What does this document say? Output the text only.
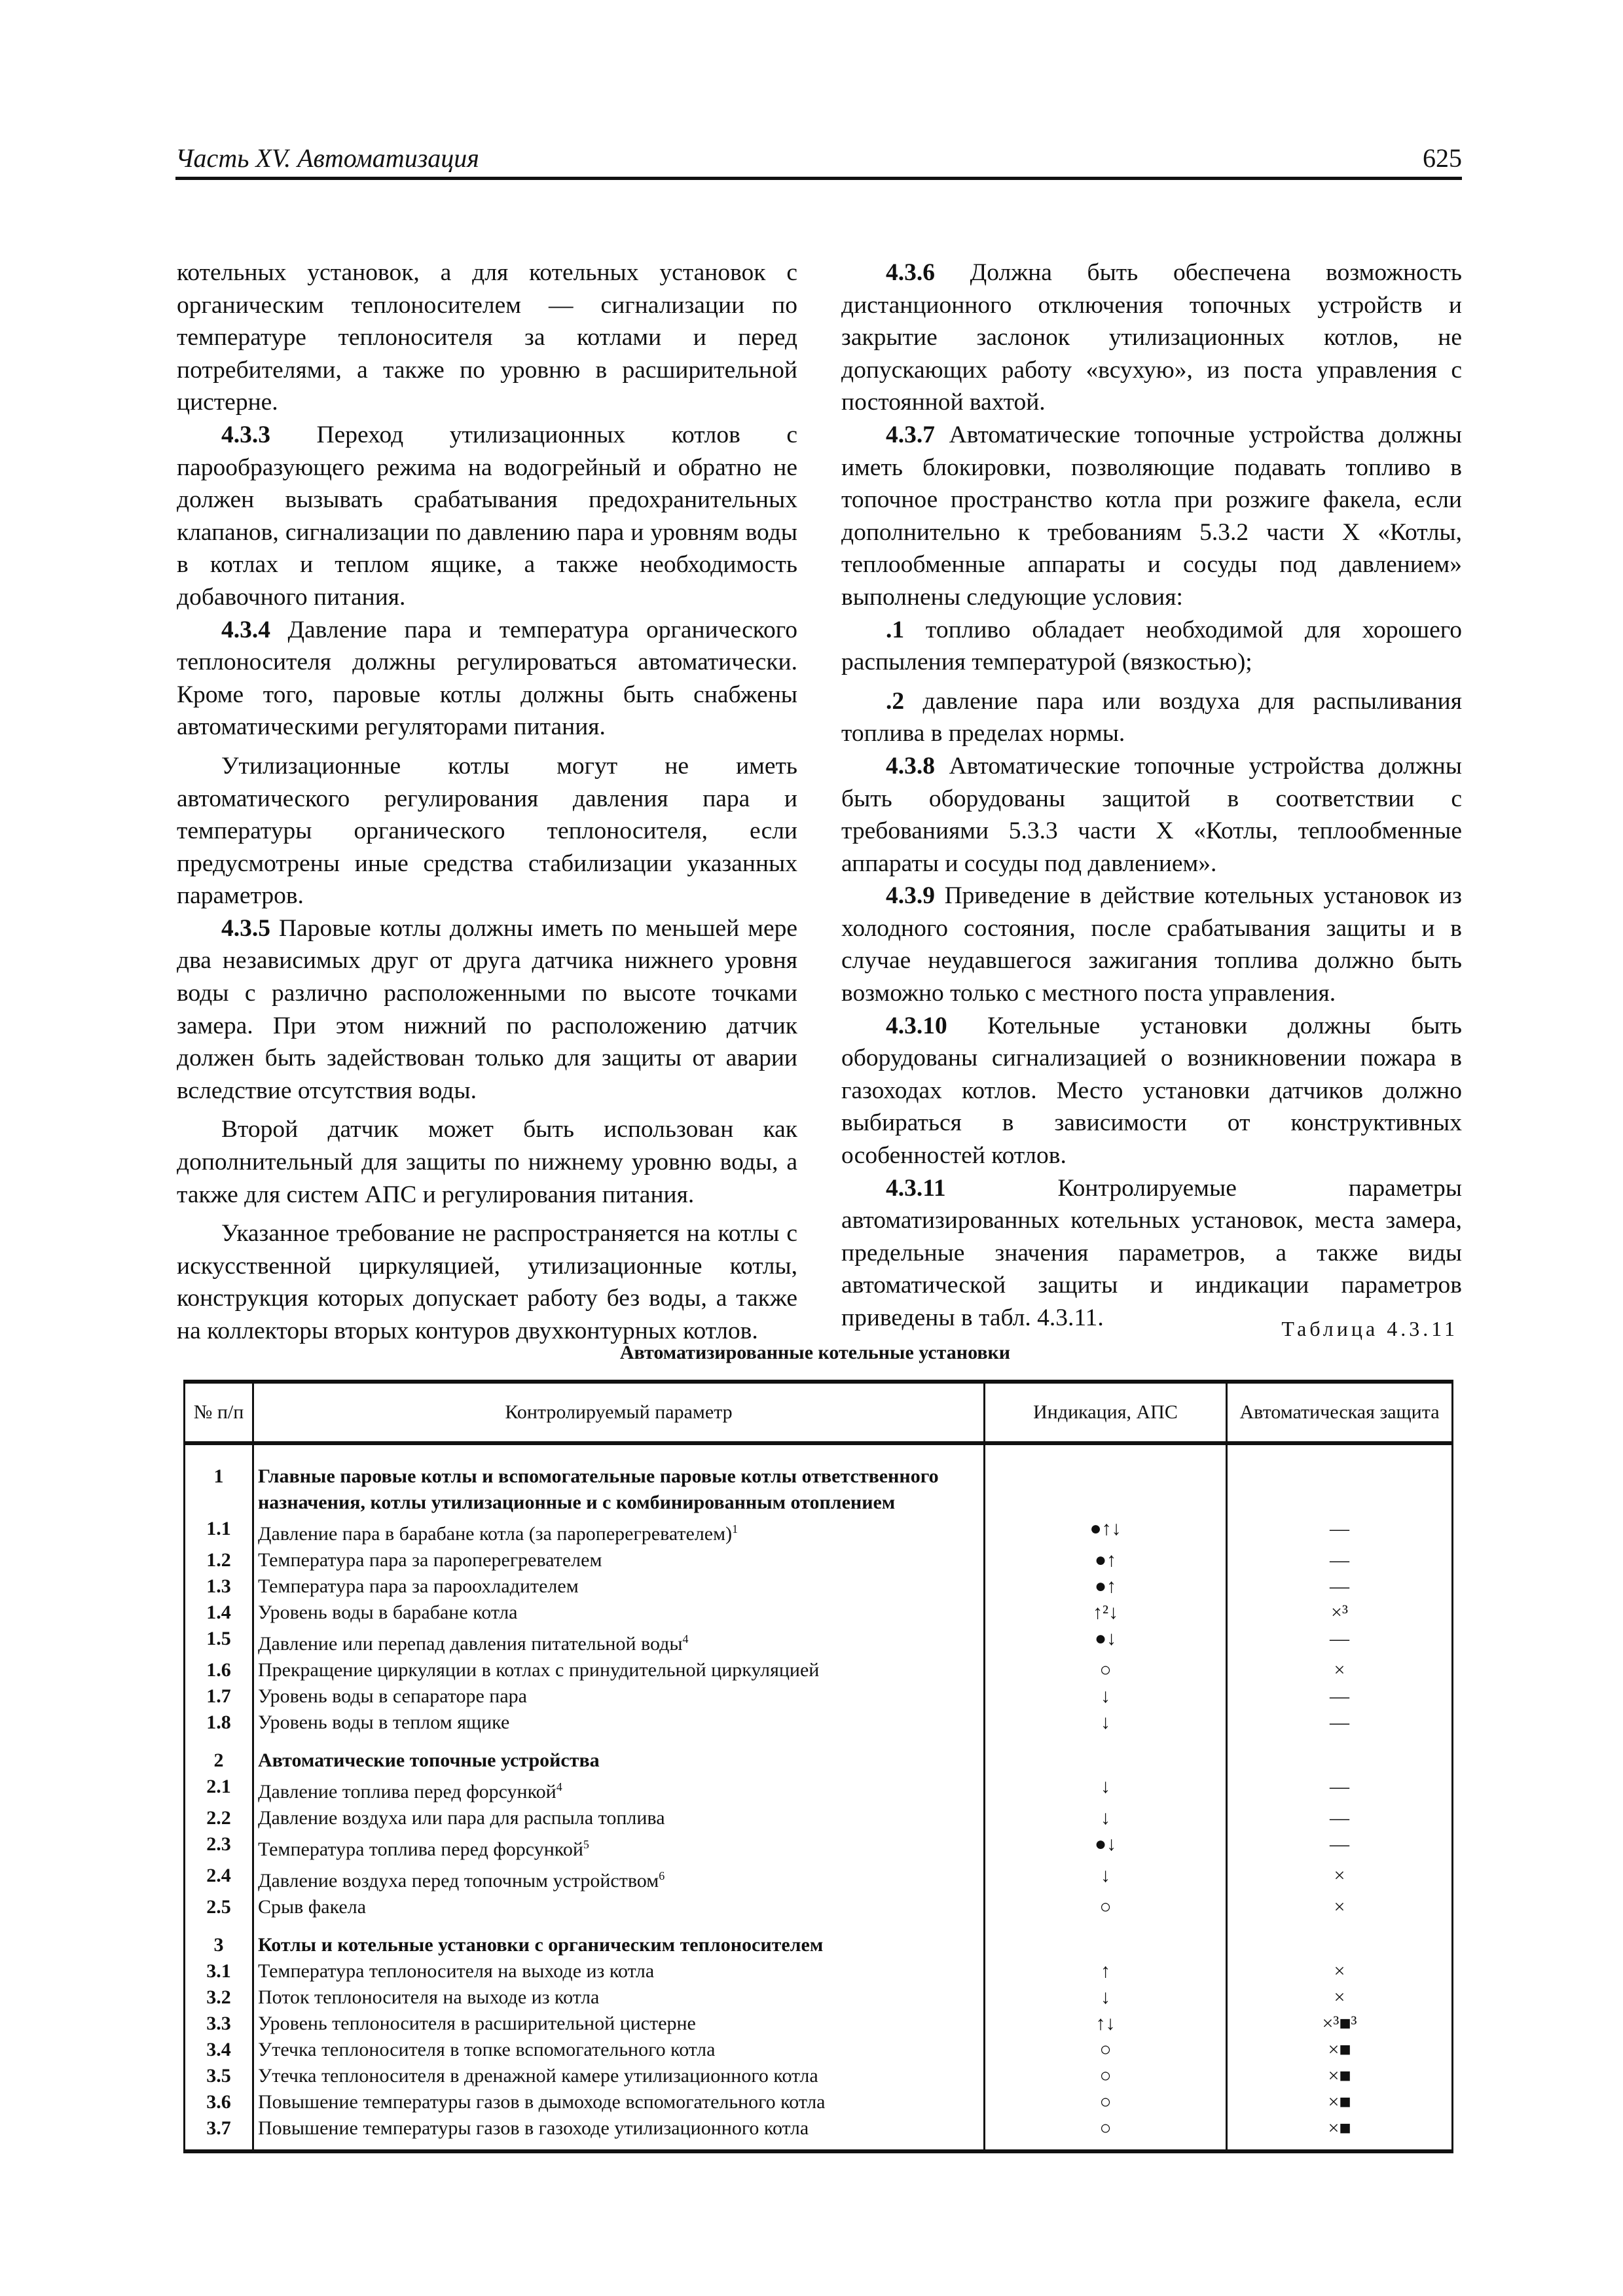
Часть XV. Автоматизация	625

котельных установок, а для котельных установок с органическим теплоносителем — сигнализации по температуре теплоносителя за котлами и перед потребителями, а также по уровню в расширительной цистерне.

4.3.3 Переход утилизационных котлов с парообразующего режима на водогрейный и обратно не должен вызывать срабатывания предохранительных клапанов, сигнализации по давлению пара и уровням воды в котлах и теплом ящике, а также необходимость добавочного питания.

4.3.4 Давление пара и температура органического теплоносителя должны регулироваться автоматически. Кроме того, паровые котлы должны быть снабжены автоматическими регуляторами питания.

Утилизационные котлы могут не иметь автоматического регулирования давления пара и температуры органического теплоносителя, если предусмотрены иные средства стабилизации указанных параметров.

4.3.5 Паровые котлы должны иметь по меньшей мере два независимых друг от друга датчика нижнего уровня воды с различно расположенными по высоте точками замера. При этом нижний по расположению датчик должен быть задействован только для защиты от аварии вследствие отсутствия воды.

Второй датчик может быть использован как дополнительный для защиты по нижнему уровню воды, а также для систем АПС и регулирования питания.

Указанное требование не распространяется на котлы с искусственной циркуляцией, утилизационные котлы, конструкция которых допускает работу без воды, а также на коллекторы вторых контуров двухконтурных котлов.

4.3.6 Должна быть обеспечена возможность дистанционного отключения топочных устройств и закрытие заслонок утилизационных котлов, не допускающих работу «всухую», из поста управления с постоянной вахтой.

4.3.7 Автоматические топочные устройства должны иметь блокировки, позволяющие подавать топливо в топочное пространство котла при розжиге факела, если дополнительно к требованиям 5.3.2 части X «Котлы, теплообменные аппараты и сосуды под давлением» выполнены следующие условия:

.1 топливо обладает необходимой для хорошего распыления температурой (вязкостью);

.2 давление пара или воздуха для распыливания топлива в пределах нормы.

4.3.8 Автоматические топочные устройства должны быть оборудованы защитой в соответствии с требованиями 5.3.3 части X «Котлы, теплообменные аппараты и сосуды под давлением».

4.3.9 Приведение в действие котельных установок из холодного состояния, после срабатывания защиты и в случае неудавшегося зажигания топлива должно быть возможно только с местного поста управления.

4.3.10 Котельные установки должны быть оборудованы сигнализацией о возникновении пожара в газоходах котлов. Место установки датчиков должно выбираться в зависимости от конструктивных особенностей котлов.

4.3.11 Контролируемые параметры автоматизированных котельных установок, места замера, предельные значения параметров, а также виды автоматической защиты и индикации параметров приведены в табл. 4.3.11.	Таблица 4.3.11
Автоматизированные котельные установки
№ п/п	Контролируемый параметр	Индикация, АПС	Автоматическая защита
1	Главные паровые котлы и вспомогательные паровые котлы ответственного назначения, котлы утилизационные и с комбинированным отоплением		
1.1	Давление пара в барабане котла (за пароперегревателем)$^1$	●↑↓	—
1.2	Температура пара за пароперегревателем	●↑	—
1.3	Температура пара за пароохладителем	●↑	—
1.4	Уровень воды в барабане котла	↑²↓	×³
1.5	Давление или перепад давления питательной воды$^4$	●↓	—
1.6	Прекращение циркуляции в котлах с принудительной циркуляцией	○	×
1.7	Уровень воды в сепараторе пара	↓	—
1.8	Уровень воды в теплом ящике	↓	—
2	Автоматические топочные устройства		
2.1	Давление топлива перед форсункой$^4$	↓	—
2.2	Давление воздуха или пара для распыла топлива	↓	—
2.3	Температура топлива перед форсункой$^5$	●↓	—
2.4	Давление воздуха перед топочным устройством$^6$	↓	×
2.5	Срыв факела	○	×
3	Котлы и котельные установки с органическим теплоносителем		
3.1	Температура теплоносителя на выходе из котла	↑	×
3.2	Поток теплоносителя на выходе из котла	↓	×
3.3	Уровень теплоносителя в расширительной цистерне	↑↓	×³■³
3.4	Утечка теплоносителя в топке вспомогательного котла	○	×■
3.5	Утечка теплоносителя в дренажной камере утилизационного котла	○	×■
3.6	Повышение температуры газов в дымоходе вспомогательного котла	○	×■
3.7	Повышение температуры газов в газоходе утилизационного котла	○	×■
